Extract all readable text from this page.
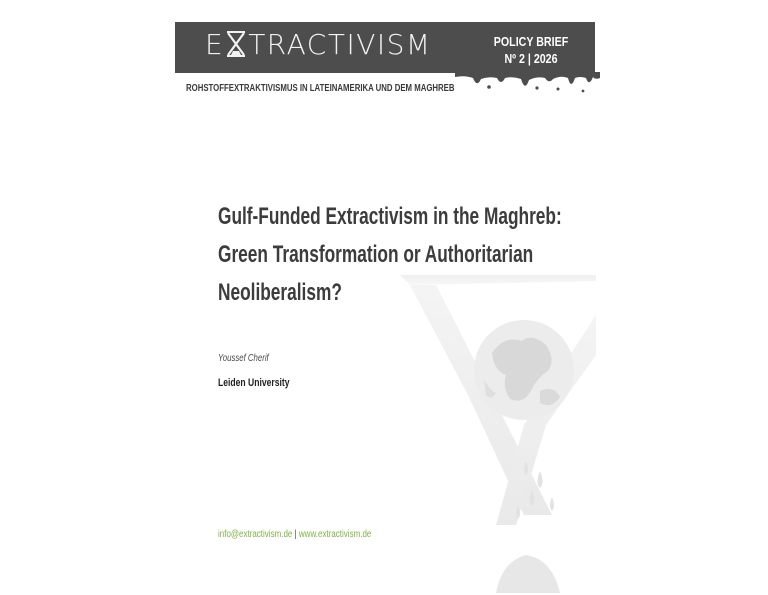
E TRACTIVISM	POLICY BRIEF
Nº 2 | 2026
ROHSTOFFEXTRAKTIVISMUS IN LATEINAMERIKA UND DEM MAGHREB
Gulf-Funded Extractivism in the Maghreb:
Green Transformation or Authoritarian
Neoliberalism?
Youssef Cherif
Leiden University
info@extractivism.de | www.extractivism.de
